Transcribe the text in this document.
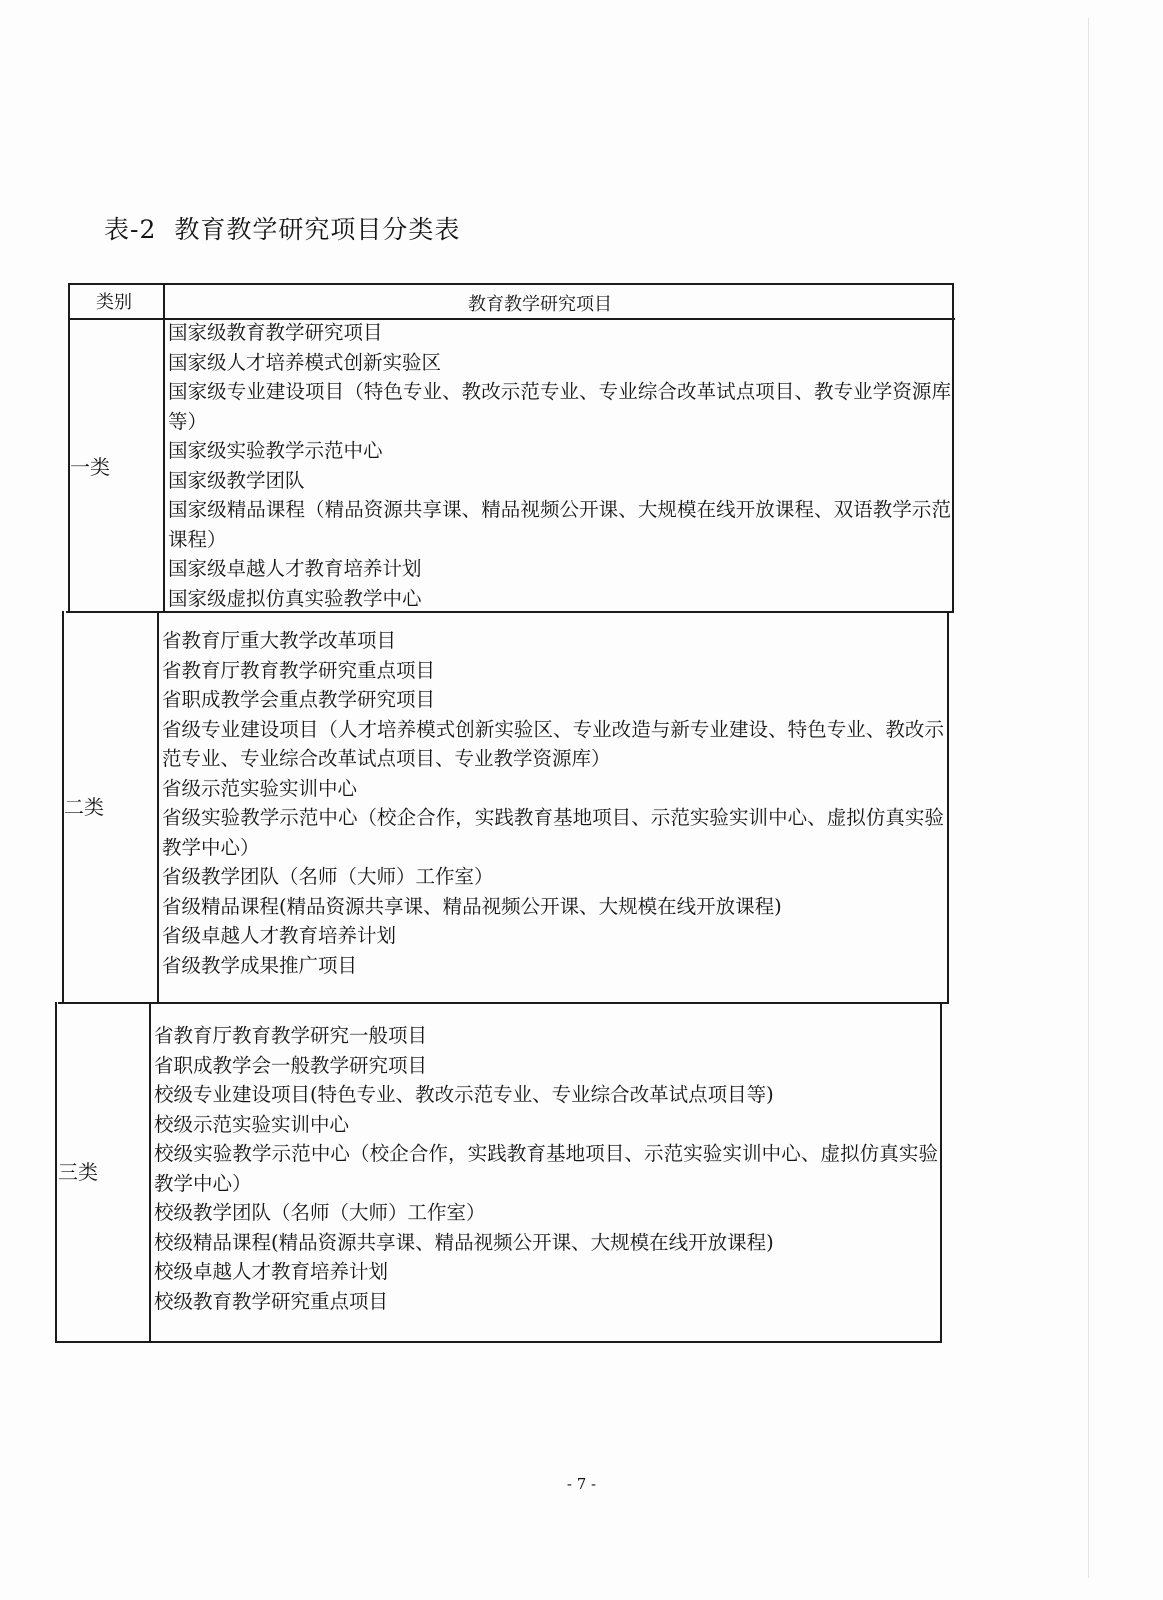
表-2 教育教学研究项目分类表
类别	教育教学研究项目
一类
国家级教育教学研究项目
国家级人才培养模式创新实验区
国家级专业建设项目（特色专业、教改示范专业、专业综合改革试点项目、教专业学资源库等）
国家级实验教学示范中心
国家级教学团队
国家级精品课程（精品资源共享课、精品视频公开课、大规模在线开放课程、双语教学示范课程）
国家级卓越人才教育培养计划
国家级虚拟仿真实验教学中心
二类
省教育厅重大教学改革项目
省教育厅教育教学研究重点项目
省职成教学会重点教学研究项目
省级专业建设项目（人才培养模式创新实验区、专业改造与新专业建设、特色专业、教改示范专业、专业综合改革试点项目、专业教学资源库）
省级示范实验实训中心
省级实验教学示范中心（校企合作，实践教育基地项目、示范实验实训中心、虚拟仿真实验教学中心）
省级教学团队（名师（大师）工作室）
省级精品课程(精品资源共享课、精品视频公开课、大规模在线开放课程)
省级卓越人才教育培养计划
省级教学成果推广项目
三类
省教育厅教育教学研究一般项目
省职成教学会一般教学研究项目
校级专业建设项目(特色专业、教改示范专业、专业综合改革试点项目等)
校级示范实验实训中心
校级实验教学示范中心（校企合作，实践教育基地项目、示范实验实训中心、虚拟仿真实验教学中心）
校级教学团队（名师（大师）工作室）
校级精品课程(精品资源共享课、精品视频公开课、大规模在线开放课程)
校级卓越人才教育培养计划
校级教育教学研究重点项目
- 7 -
